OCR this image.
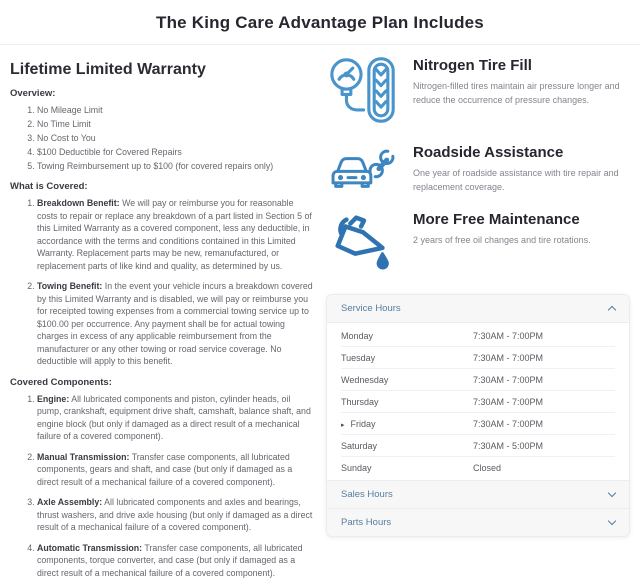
The King Care Advantage Plan Includes
Lifetime Limited Warranty
Overview:
1. No Mileage Limit
2. No Time Limit
3. No Cost to You
4. $100 Deductible for Covered Repairs
5. Towing Reimbursement up to $100 (for covered repairs only)
What is Covered:
1. Breakdown Benefit: We will pay or reimburse you for reasonable costs to repair or replace any breakdown of a part listed in Section 5 of this Limited Warranty as a covered component, less any deductible, in accordance with the terms and conditions contained in this Limited Warranty. Replacement parts may be new, remanufactured, or replacement parts of like kind and quality, as determined by us.
2. Towing Benefit: In the event your vehicle incurs a breakdown covered by this Limited Warranty and is disabled, we will pay or reimburse you for receipted towing expenses from a commercial towing service up to $100.00 per occurrence. Any payment shall be for actual towing charges in excess of any applicable reimbursement from the manufacturer or any other towing or road service coverage. No deductible will apply to this benefit.
Covered Components:
1. Engine: All lubricated components and piston, cylinder heads, oil pump, crankshaft, equipment drive shaft, camshaft, balance shaft, and engine block (but only if damaged as a direct result of a mechanical failure of a covered component).
2. Manual Transmission: Transfer case components, all lubricated components, gears and shaft, and case (but only if damaged as a direct result of a mechanical failure of a covered component).
3. Axle Assembly: All lubricated components and axles and bearings, thrust washers, and drive axle housing (but only if damaged as a direct result of a mechanical failure of a covered component).
4. Automatic Transmission: Transfer case components, all lubricated components, torque converter, and case (but only if damaged as a direct result of a mechanical failure of a covered component).
Nitrogen Tire Fill
Nitrogen-filled tires maintain air pressure longer and reduce the occurrence of pressure changes.
Roadside Assistance
One year of roadside assistance with tire repair and replacement coverage.
More Free Maintenance
2 years of free oil changes and tire rotations.
Service Hours
Monday	7:30AM - 7:00PM
Tuesday	7:30AM - 7:00PM
Wednesday	7:30AM - 7:00PM
Thursday	7:30AM - 7:00PM
▸ Friday	7:30AM - 7:00PM
Saturday	7:30AM - 5:00PM
Sunday	Closed
Sales Hours
Parts Hours
